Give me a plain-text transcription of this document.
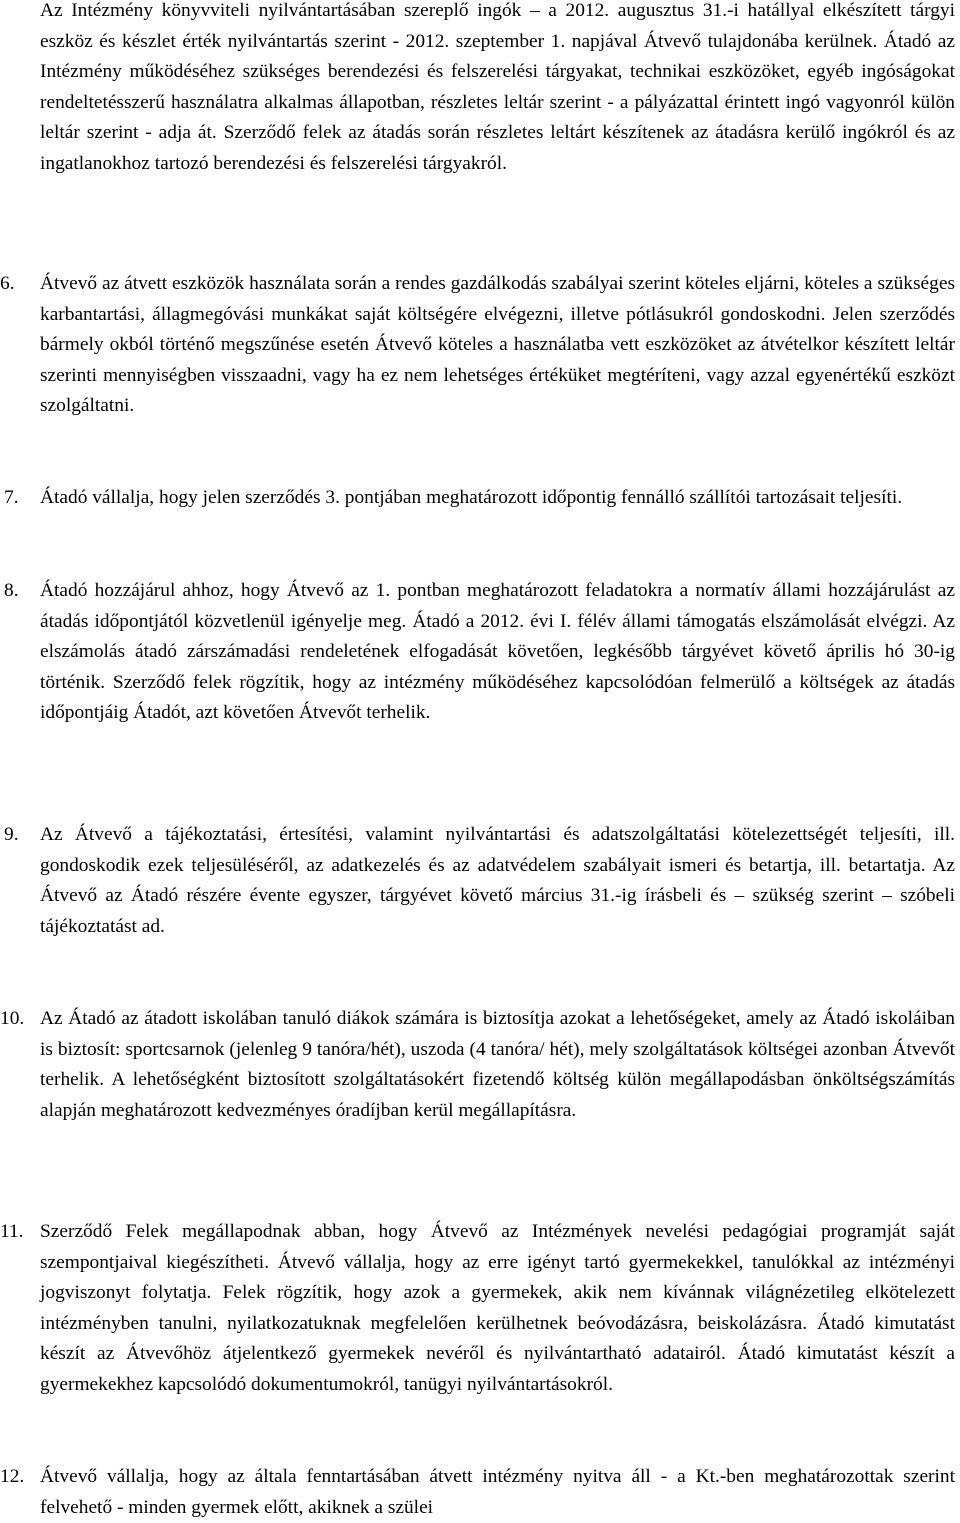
Az Intézmény könyvviteli nyilvántartásában szereplő ingók – a 2012. augusztus 31.-i hatállyal elkészített tárgyi eszköz és készlet érték nyilvántartás szerint - 2012. szeptember 1. napjával Átvevő tulajdonába kerülnek. Átadó az Intézmény működéséhez szükséges berendezési és felszerelési tárgyakat, technikai eszközöket, egyéb ingóságokat rendeltetésszerű használatra alkalmas állapotban, részletes leltár szerint - a pályázattal érintett ingó vagyonról külön leltár szerint - adja át. Szerződő felek az átadás során részletes leltárt készítenek az átadásra kerülő ingókról és az ingatlanokhoz tartozó berendezési és felszerelési tárgyakról.

6.	Átvevő az átvett eszközök használata során a rendes gazdálkodás szabályai szerint köteles eljárni, köteles a szükséges karbantartási, állagmegóvási munkákat saját költségére elvégezni, illetve pótlásukról gondoskodni. Jelen szerződés bármely okból történő megszűnése esetén Átvevő köteles a használatba vett eszközöket az átvételkor készített leltár szerinti mennyiségben visszaadni, vagy ha ez nem lehetséges értéküket megtéríteni, vagy azzal egyenértékű eszközt szolgáltatni.

7.	Átadó vállalja, hogy jelen szerződés 3. pontjában meghatározott időpontig fennálló szállítói tartozásait teljesíti.

8.	Átadó hozzájárul ahhoz, hogy Átvevő az 1. pontban meghatározott feladatokra a normatív állami hozzájárulást az átadás időpontjától közvetlenül igényelje meg. Átadó a 2012. évi I. félév állami támogatás elszámolását elvégzi. Az elszámolás átadó zárszámadási rendeletének elfogadását követően, legkésőbb tárgyévet követő április hó 30-ig történik. Szerződő felek rögzítik, hogy az intézmény működéséhez kapcsolódóan felmerülő a költségek az átadás időpontjáig Átadót, azt követően Átvevőt terhelik.

9.	Az Átvevő a tájékoztatási, értesítési, valamint nyilvántartási és adatszolgáltatási kötelezettségét teljesíti, ill. gondoskodik ezek teljesüléséről, az adatkezelés és az adatvédelem szabályait ismeri és betartja, ill. betartatja. Az Átvevő az Átadó részére évente egyszer, tárgyévet követő március 31.-ig írásbeli és – szükség szerint – szóbeli tájékoztatást ad.

10. Az Átadó az átadott iskolában tanuló diákok számára is biztosítja azokat a lehetőségeket, amely az Átadó iskoláiban is biztosít: sportcsarnok (jelenleg 9 tanóra/hét), uszoda (4 tanóra/ hét), mely szolgáltatások költségei azonban Átvevőt terhelik. A lehetőségként biztosított szolgáltatásokért fizetendő költség külön megállapodásban önköltségszámítás alapján meghatározott kedvezményes óradíjban kerül megállapításra.

11. Szerződő Felek megállapodnak abban, hogy Átvevő az Intézmények nevelési pedagógiai programját saját szempontjaival kiegészítheti. Átvevő vállalja, hogy az erre igényt tartó gyermekekkel, tanulókkal az intézményi jogviszonyt folytatja. Felek rögzítik, hogy azok a gyermekek, akik nem kívánnak világnézetileg elkötelezett intézményben tanulni, nyilatkozatuknak megfelelően kerülhetnek beóvodázásra, beiskolázásra. Átadó kimutatást készít az Átvevőhöz átjelentkező gyermekek nevéről és nyilvántartható adatairól. Átadó kimutatást készít a gyermekekhez kapcsolódó dokumentumokról, tanügyi nyilvántartásokról.

12. Átvevő vállalja, hogy az általa fenntartásában átvett intézmény nyitva áll - a Kt.-ben meghatározottak szerint felvehető - minden gyermek előtt, akiknek a szülei
